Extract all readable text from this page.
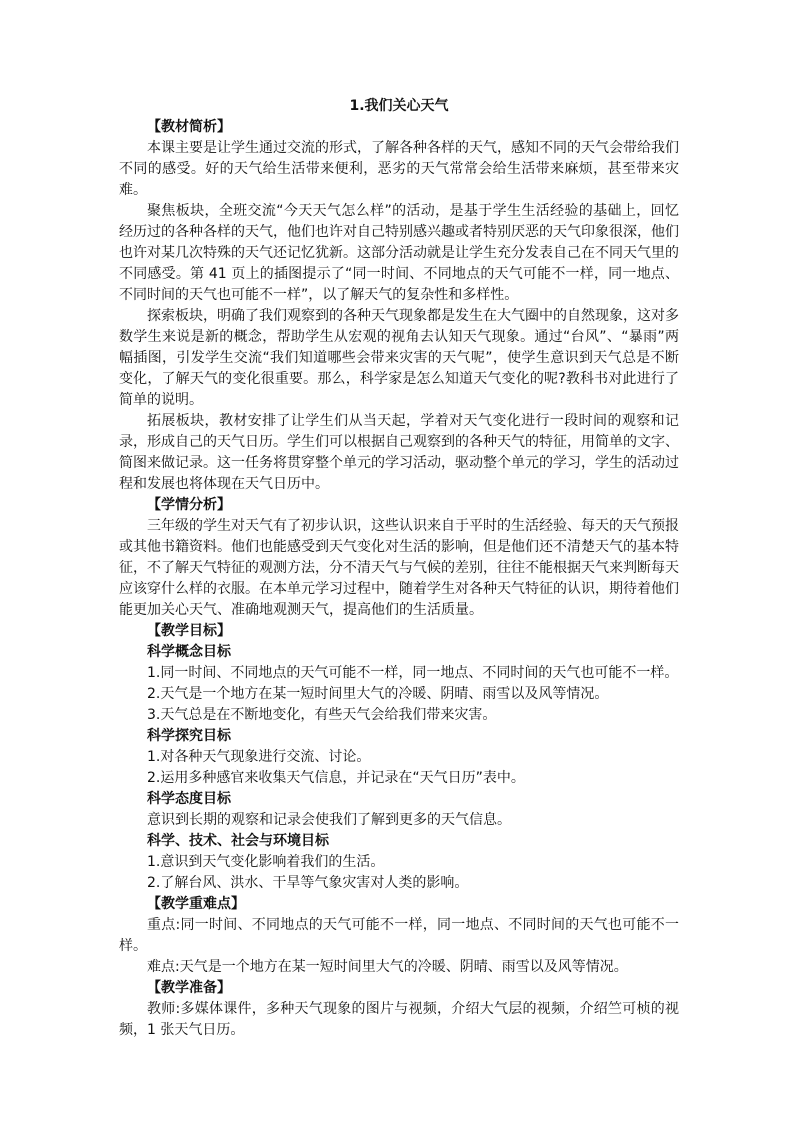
1.我们关心天气
【教材简析】

本课主要是让学生通过交流的形式，了解各种各样的天气，感知不同的天气会带给我们不同的感受。好的天气给生活带来便利，恶劣的天气常常会给生活带来麻烦，甚至带来灾难。

聚焦板块，全班交流“今天天气怎么样”的活动，是基于学生生活经验的基础上，回忆经历过的各种各样的天气，他们也许对自己特别感兴趣或者特别厌恶的天气印象很深，他们也许对某几次特殊的天气还记忆犹新。这部分活动就是让学生充分发表自己在不同天气里的不同感受。第 41 页上的插图提示了“同一时间、不同地点的天气可能不一样，同一地点、不同时间的天气也可能不一样”，以了解天气的复杂性和多样性。

探索板块，明确了我们观察到的各种天气现象都是发生在大气圈中的自然现象，这对多数学生来说是新的概念，帮助学生从宏观的视角去认知天气现象。通过“台风”、“暴雨”两幅插图，引发学生交流“我们知道哪些会带来灾害的天气呢”，使学生意识到天气总是不断变化，了解天气的变化很重要。那么，科学家是怎么知道天气变化的呢?教科书对此进行了简单的说明。

拓展板块，教材安排了让学生们从当天起，学着对天气变化进行一段时间的观察和记录，形成自己的天气日历。学生们可以根据自己观察到的各种天气的特征，用简单的文字、简图来做记录。这一任务将贯穿整个单元的学习活动，驱动整个单元的学习，学生的活动过程和发展也将体现在天气日历中。

【学情分析】

三年级的学生对天气有了初步认识，这些认识来自于平时的生活经验、每天的天气预报或其他书籍资料。他们也能感受到天气变化对生活的影响，但是他们还不清楚天气的基本特征，不了解天气特征的观测方法，分不清天气与气候的差别，往往不能根据天气来判断每天应该穿什么样的衣服。在本单元学习过程中，随着学生对各种天气特征的认识，期待着他们能更加关心天气、准确地观测天气，提高他们的生活质量。

【教学目标】
科学概念目标

1.同一时间、不同地点的天气可能不一样，同一地点、不同时间的天气也可能不一样。

2.天气是一个地方在某一短时间里大气的冷暖、阴晴、雨雪以及风等情况。

3.天气总是在不断地变化，有些天气会给我们带来灾害。

科学探究目标

1.对各种天气现象进行交流、讨论。

2.运用多种感官来收集天气信息，并记录在“天气日历”表中。

科学态度目标

意识到长期的观察和记录会使我们了解到更多的天气信息。

科学、技术、社会与环境目标

1.意识到天气变化影响着我们的生活。

2.了解台风、洪水、干旱等气象灾害对人类的影响。

【教学重难点】

重点:同一时间、不同地点的天气可能不一样，同一地点、不同时间的天气也可能不一样。

难点:天气是一个地方在某一短时间里大气的冷暖、阴晴、雨雪以及风等情况。

【教学准备】

教师:多媒体课件，多种天气现象的图片与视频，介绍大气层的视频，介绍竺可桢的视频，1 张天气日历。
